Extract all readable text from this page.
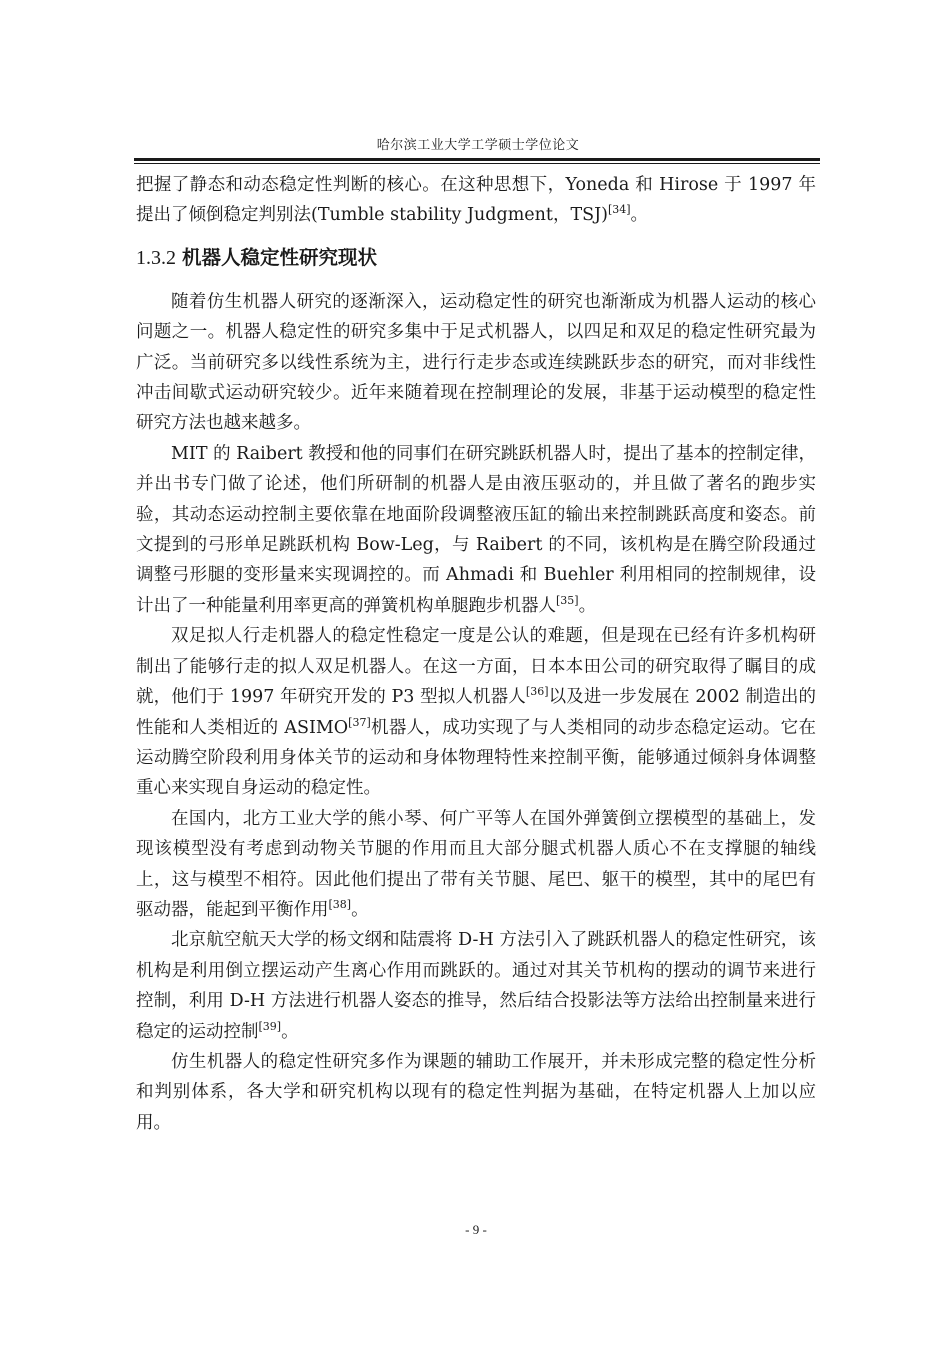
哈尔滨工业大学工学硕士学位论文

把握了静态和动态稳定性判断的核心。在这种思想下，Yoneda 和 Hirose 于 1997 年提出了倾倒稳定判别法(Tumble stability Judgment，TSJ)[34]。

1.3.2 机器人稳定性研究现状

随着仿生机器人研究的逐渐深入，运动稳定性的研究也渐渐成为机器人运动的核心问题之一。机器人稳定性的研究多集中于足式机器人，以四足和双足的稳定性研究最为广泛。当前研究多以线性系统为主，进行行走步态或连续跳跃步态的研究，而对非线性冲击间歇式运动研究较少。近年来随着现在控制理论的发展，非基于运动模型的稳定性研究方法也越来越多。

MIT 的 Raibert 教授和他的同事们在研究跳跃机器人时，提出了基本的控制定律，并出书专门做了论述，他们所研制的机器人是由液压驱动的，并且做了著名的跑步实验，其动态运动控制主要依靠在地面阶段调整液压缸的输出来控制跳跃高度和姿态。前文提到的弓形单足跳跃机构 Bow-Leg，与 Raibert 的不同，该机构是在腾空阶段通过调整弓形腿的变形量来实现调控的。而 Ahmadi 和 Buehler 利用相同的控制规律，设计出了一种能量利用率更高的弹簧机构单腿跑步机器人[35]。

双足拟人行走机器人的稳定性稳定一度是公认的难题，但是现在已经有许多机构研制出了能够行走的拟人双足机器人。在这一方面，日本本田公司的研究取得了瞩目的成就，他们于 1997 年研究开发的 P3 型拟人机器人[36]以及进一步发展在 2002 制造出的性能和人类相近的 ASIMO[37]机器人，成功实现了与人类相同的动步态稳定运动。它在运动腾空阶段利用身体关节的运动和身体物理特性来控制平衡，能够通过倾斜身体调整重心来实现自身运动的稳定性。

在国内，北方工业大学的熊小琴、何广平等人在国外弹簧倒立摆模型的基础上，发现该模型没有考虑到动物关节腿的作用而且大部分腿式机器人质心不在支撑腿的轴线上，这与模型不相符。因此他们提出了带有关节腿、尾巴、躯干的模型，其中的尾巴有驱动器，能起到平衡作用[38]。

北京航空航天大学的杨文纲和陆震将 D-H 方法引入了跳跃机器人的稳定性研究，该机构是利用倒立摆运动产生离心作用而跳跃的。通过对其关节机构的摆动的调节来进行控制，利用 D-H 方法进行机器人姿态的推导，然后结合投影法等方法给出控制量来进行稳定的运动控制[39]。

仿生机器人的稳定性研究多作为课题的辅助工作展开，并未形成完整的稳定性分析和判别体系，各大学和研究机构以现有的稳定性判据为基础，在特定机器人上加以应用。

- 9 -
